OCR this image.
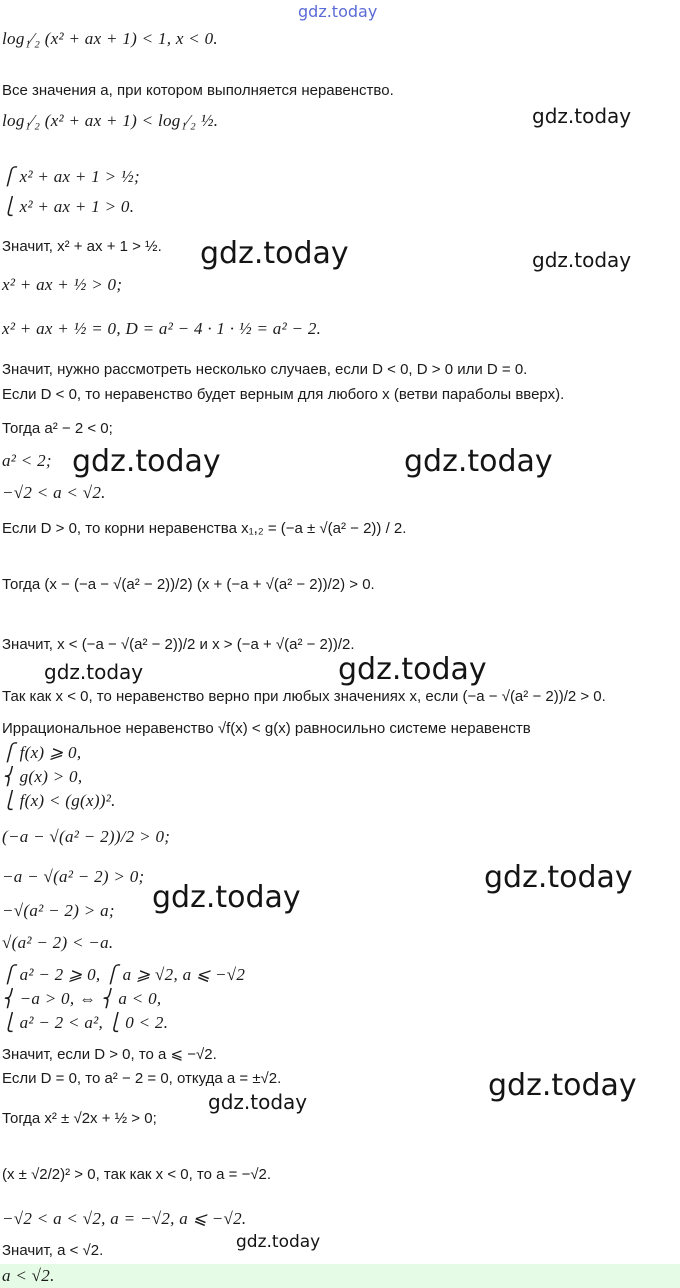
gdz.today
gdz.today
gdz.today	gdz.today
gdz.today	gdz.today
gdz.today	gdz.today
gdz.today
gdz.today
gdz.today
gdz.today
gdz.today
log₁⁄₂ (x² + ax + 1) < 1, x < 0.
Все значения a, при котором выполняется неравенство.
log₁⁄₂ (x² + ax + 1) < log₁⁄₂ ½.
⎧ x² + ax + 1 > ½;
⎩ x² + ax + 1 > 0.
Значит, x² + ax + 1 > ½.
x² + ax + ½ > 0;
x² + ax + ½ = 0, D = a² − 4 · 1 · ½ = a² − 2.
Значит, нужно рассмотреть несколько случаев, если D < 0, D > 0 или D = 0.
Если D < 0, то неравенство будет верным для любого x (ветви параболы вверх).
Тогда a² − 2 < 0;
a² < 2;
−√2 < a < √2.
Если D > 0, то корни неравенства x₁,₂ = (−a ± √(a² − 2)) / 2.
Тогда (x − (−a − √(a² − 2))/2) (x + (−a + √(a² − 2))/2) > 0.
Значит, x < (−a − √(a² − 2))/2 и x > (−a + √(a² − 2))/2.
Так как x < 0, то неравенство верно при любых значениях x, если (−a − √(a² − 2))/2 > 0.
Иррациональное неравенство √f(x) < g(x) равносильно системе неравенств
⎧ f(x) ⩾ 0,
⎨ g(x) > 0,
⎩ f(x) < (g(x))².
(−a − √(a² − 2))/2 > 0;
−a − √(a² − 2) > 0;
−√(a² − 2) > a;
√(a² − 2) < −a.
⎧ a² − 2 ⩾ 0, ⎧ a ⩾ √2, a ⩽ −√2
⎨ −a > 0, ⇔ ⎨ a < 0,
⎩ a² − 2 < a², ⎩ 0 < 2.
Значит, если D > 0, то a ⩽ −√2.
Если D = 0, то a² − 2 = 0, откуда a = ±√2.
Тогда x² ± √2x + ½ > 0;
(x ± √2/2)² > 0, так как x < 0, то a = −√2.
−√2 < a < √2, a = −√2, a ⩽ −√2.
Значит, a < √2.
a < √2.
